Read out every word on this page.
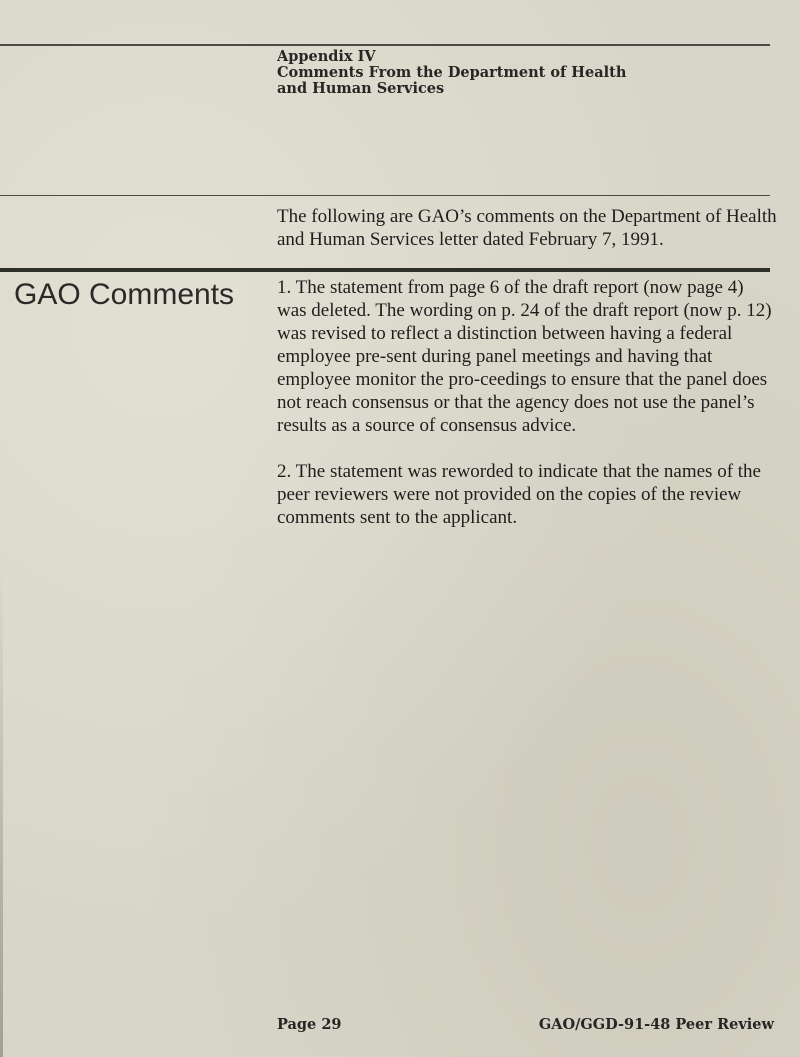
Appendix IV
Comments From the Department of Health
and Human Services

The following are GAO’s comments on the Department of Health and Human Services letter dated February 7, 1991.

GAO Comments 1. The statement from page 6 of the draft report (now page 4) was deleted. The wording on p. 24 of the draft report (now p. 12) was revised to reflect a distinction between having a federal employee pre-sent during panel meetings and having that employee monitor the pro-ceedings to ensure that the panel does not reach consensus or that the agency does not use the panel’s results as a source of consensus advice.

2. The statement was reworded to indicate that the names of the peer reviewers were not provided on the copies of the review comments sent to the applicant.

Page 29	GAO/GGD-91-48 Peer Review
